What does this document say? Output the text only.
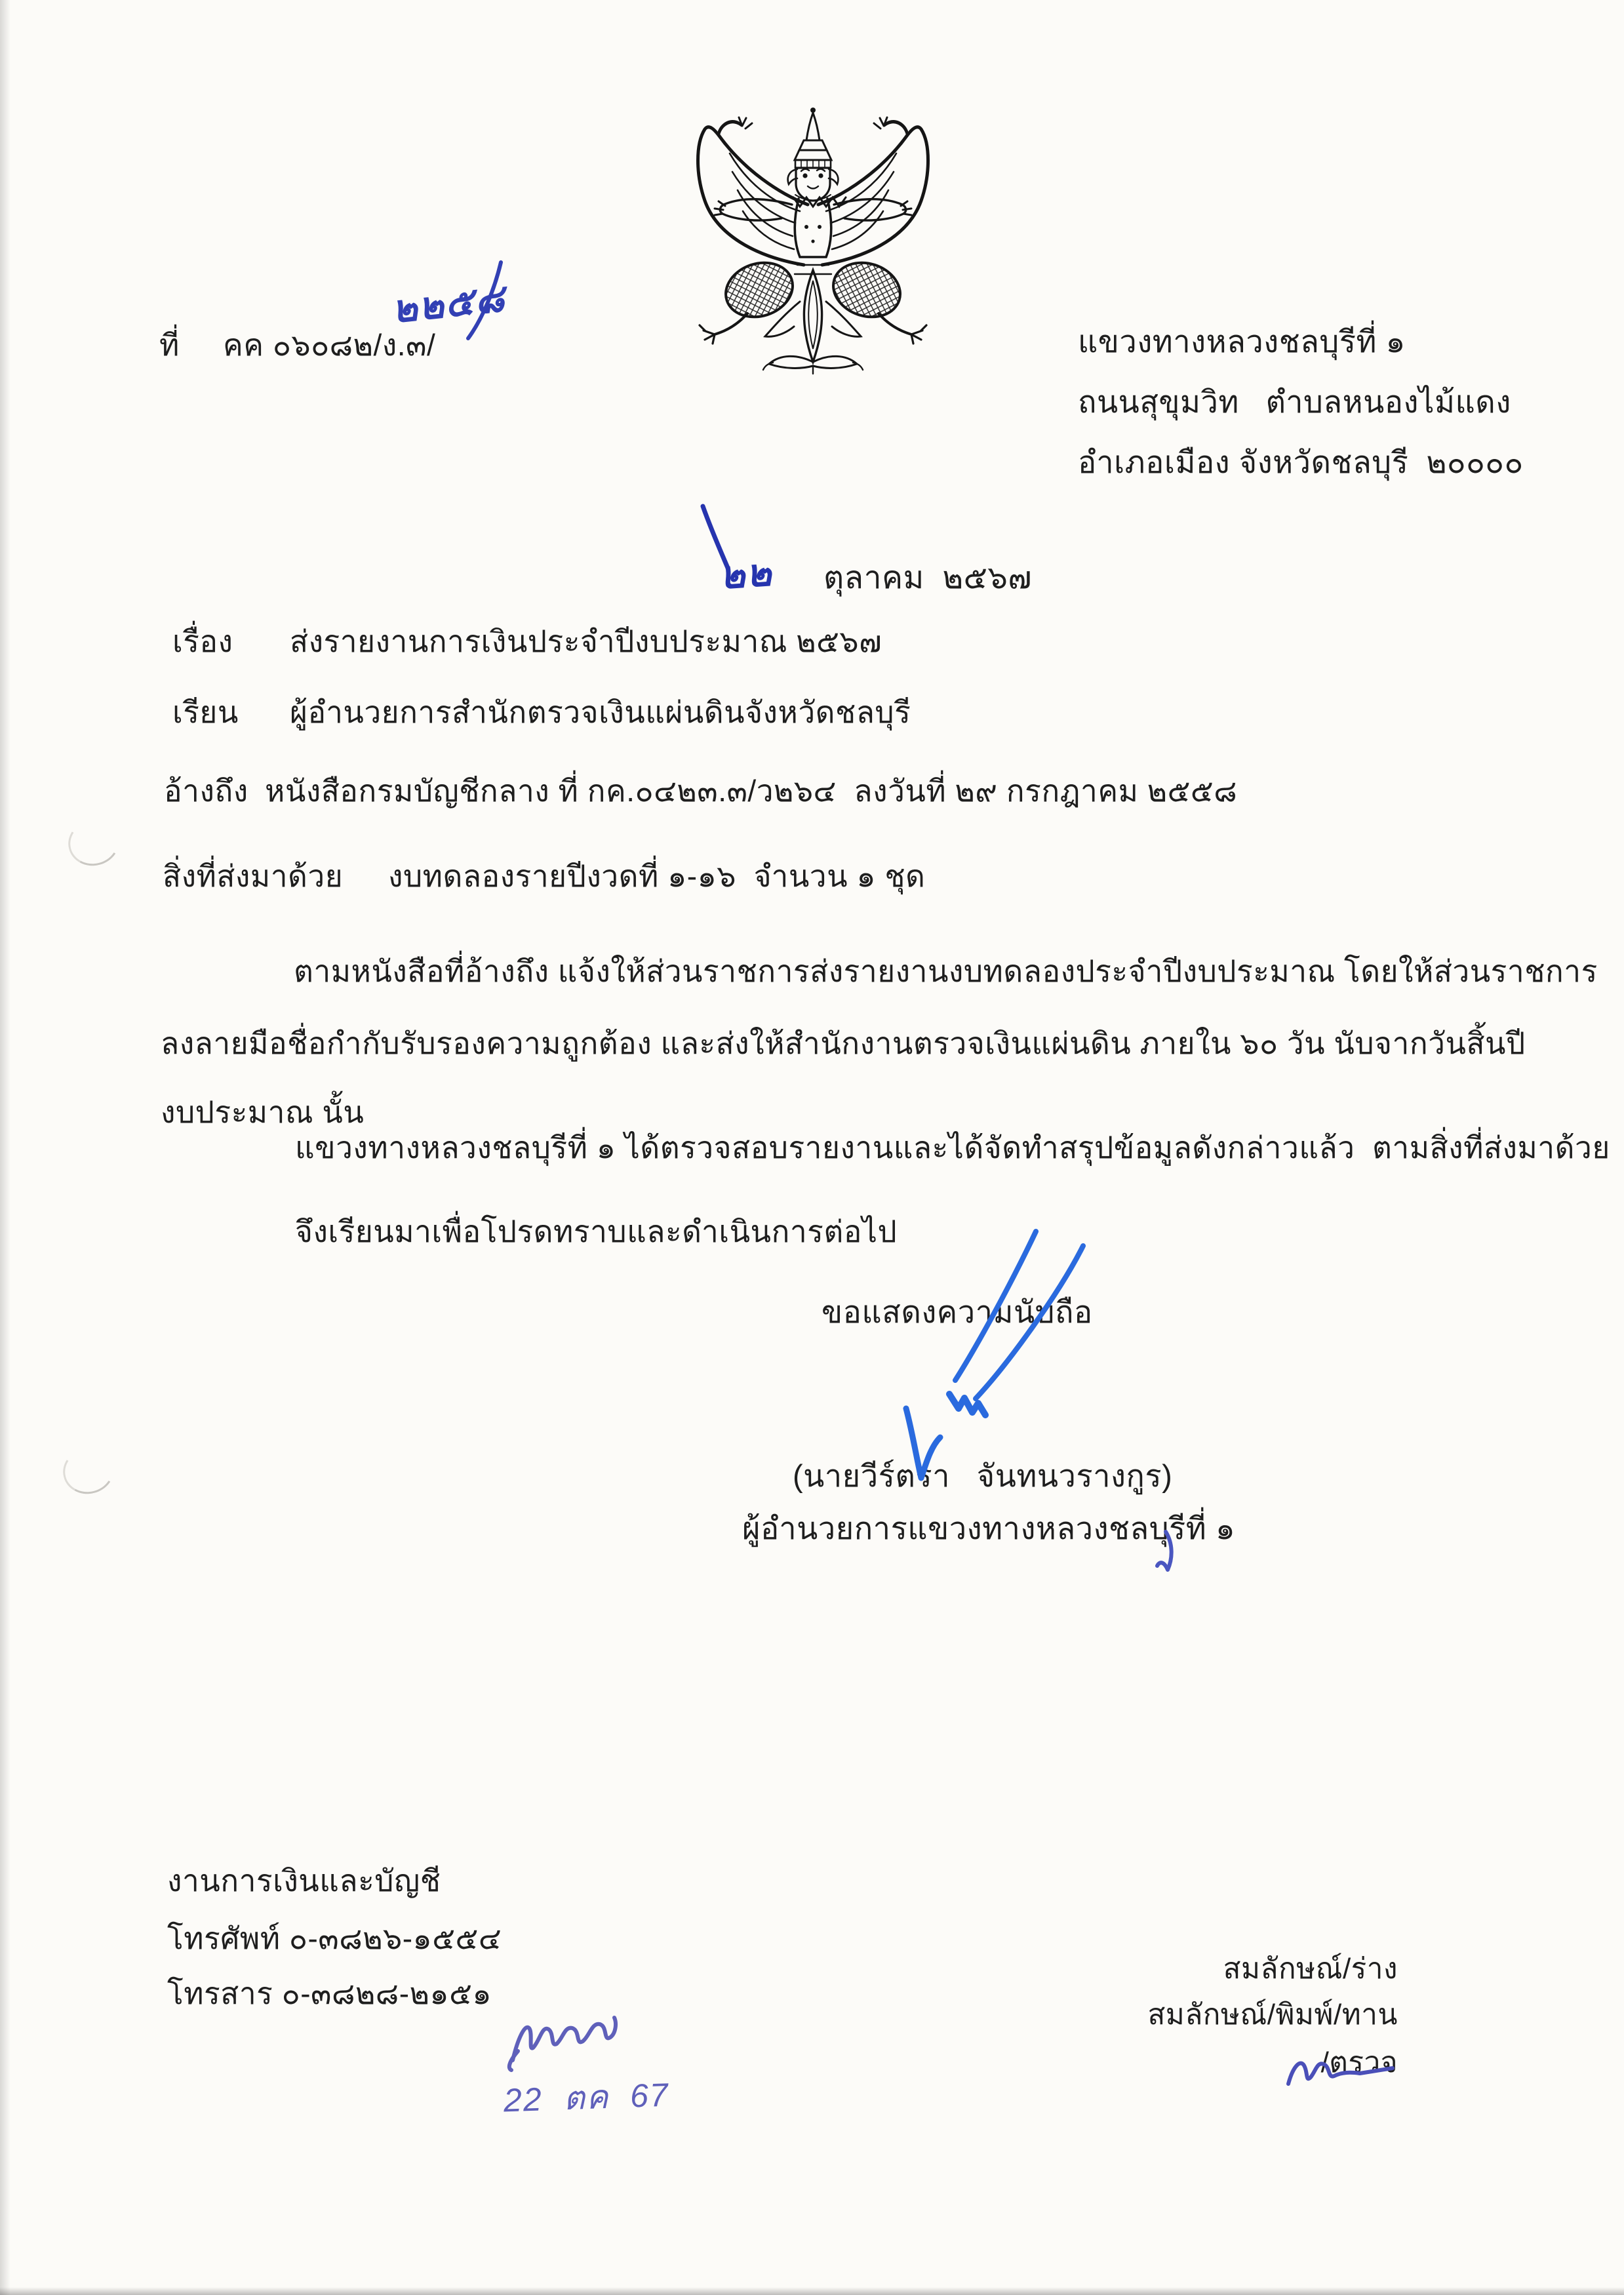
ที่ คค ๐๖๐๘๒/ง.๓/
๒๒๕๘
แขวงทางหลวงชลบุรีที่ ๑
ถนนสุขุมวิท   ตำบลหนองไม้แดง
อำเภอเมือง จังหวัดชลบุรี  ๒๐๐๐๐
๒๒ ตุลาคม  ๒๕๖๗
เรื่อง ส่งรายงานการเงินประจำปีงบประมาณ ๒๕๖๗
เรียน ผู้อำนวยการสำนักตรวจเงินแผ่นดินจังหวัดชลบุรี
อ้างถึง หนังสือกรมบัญชีกลาง ที่ กค.๐๔๒๓.๓/ว๒๖๔  ลงวันที่ ๒๙ กรกฎาคม ๒๕๕๘
สิ่งที่ส่งมาด้วย งบทดลองรายปีงวดที่ ๑-๑๖  จำนวน ๑ ชุด
ตามหนังสือที่อ้างถึง แจ้งให้ส่วนราชการส่งรายงานงบทดลองประจำปีงบประมาณ โดยให้ส่วนราชการ
ลงลายมือชื่อกำกับรับรองความถูกต้อง และส่งให้สำนักงานตรวจเงินแผ่นดิน ภายใน ๖๐ วัน นับจากวันสิ้นปี
งบประมาณ นั้น
แขวงทางหลวงชลบุรีที่ ๑ ได้ตรวจสอบรายงานและได้จัดทำสรุปข้อมูลดังกล่าวแล้ว  ตามสิ่งที่ส่งมาด้วย
จึงเรียนมาเพื่อโปรดทราบและดำเนินการต่อไป
ขอแสดงความนับถือ
(นายวีร์ตรา   จันทนวรางกูร)
ผู้อำนวยการแขวงทางหลวงชลบุรีที่ ๑
งานการเงินและบัญชี
โทรศัพท์ ๐-๓๘๒๖-๑๕๕๔
โทรสาร ๐-๓๘๒๘-๒๑๕๑
สมลักษณ์/ร่าง
สมลักษณ์/พิมพ์/ทาน
/ตรวจ
22  ตค  67
